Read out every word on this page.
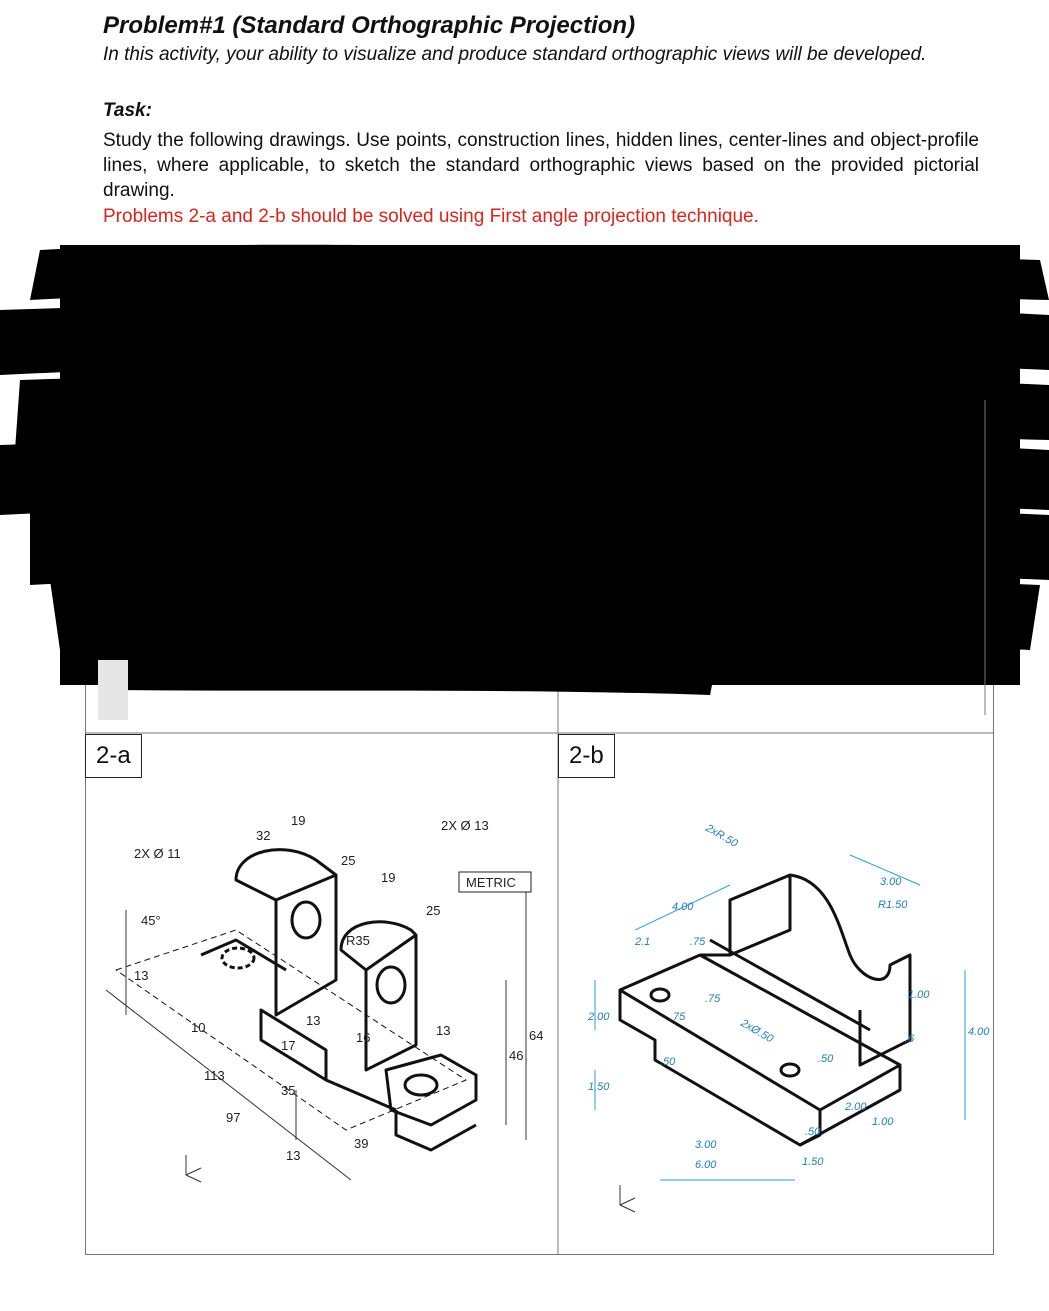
Problem#1 (Standard Orthographic Projection)
In this activity, your ability to visualize and produce standard orthographic views will be developed.
Task:
Study the following drawings. Use points, construction lines, hidden lines, center-lines and object-profile lines, where applicable, to sketch the standard orthographic views based on the provided pictorial drawing.
Problems 2-a and 2-b should be solved using First angle projection technique.
2-a	2-b
2X Ø 11
2X Ø 13
32
19
25
19
25
R35
45°
13
10
113
17
13
16
35
13
97
13
39
46
64
METRIC
2xR.50
3.00
R1.50
4.00
2.1	.75
1.00
4.00
2.00
.75
.75
2xØ.50	.6
.50	.50
1.50
2.00
.50
1.00
3.00
6.00	1.50
